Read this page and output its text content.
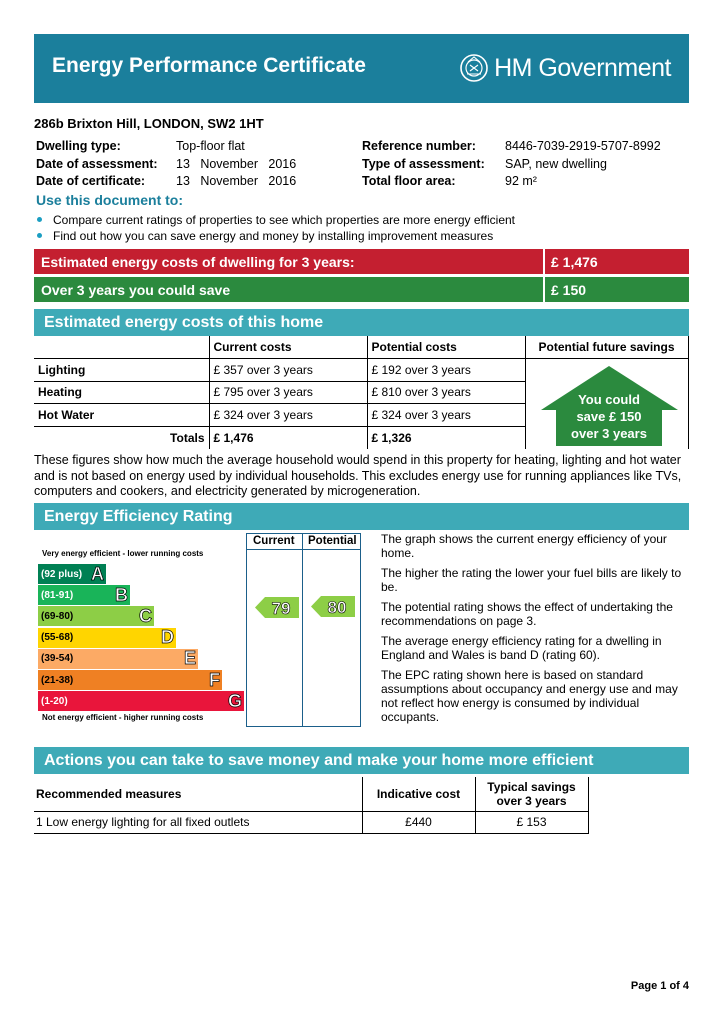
Energy Performance Certificate	HM Government
286b Brixton Hill, LONDON, SW2 1HT
Dwelling type:	Top-floor flat
Date of assessment: 13   November   2016
Date of certificate: 13   November   2016
Reference number: 8446-7039-2919-5707-8992
Type of assessment: SAP, new dwelling
Total floor area:	92 m²
Use this document to:
Compare current ratings of properties to see which properties are more energy efficient
Find out how you can save energy and money by installing improvement measures
Estimated energy costs of dwelling for 3 years:	£ 1,476
Over 3 years you could save	£ 150
Estimated energy costs of this home
	Current costs	Potential costs	Potential future savings
Lighting	£ 357 over 3 years	£ 192 over 3 years	
Heating	£ 795 over 3 years	£ 810 over 3 years	
Hot Water	£ 324 over 3 years	£ 324 over 3 years	
Totals	£ 1,476	£ 1,326	
You could
save £ 150
over 3 years
These figures show how much the average household would spend in this property for heating, lighting and hot water and is not based on energy used by individual households. This excludes energy use for running appliances like TVs, computers and cookers, and electricity generated by microgeneration.
Energy Efficiency Rating
Very energy efficient - lower running costs
(92 plus) A
(81-91) B
(69-80)	C
(55-68)	D
(39-54)	E
(21-38)	F
(1-20)	G
Not energy efficient - higher running costs
Current Potential
79 80

The graph shows the current energy efficiency of your home.

The higher the rating the lower your fuel bills are likely to be.

The potential rating shows the effect of undertaking the recommendations on page 3.

The average energy efficiency rating for a dwelling in England and Wales is band D (rating 60).

The EPC rating shown here is based on standard assumptions about occupancy and energy use and may not reflect how energy is consumed by individual occupants.

Actions you can take to save money and make your home more efficient
Recommended measures	Indicative cost	Typical savings over 3 years
1 Low energy lighting for all fixed outlets	£440	£ 153
Page 1 of 4
